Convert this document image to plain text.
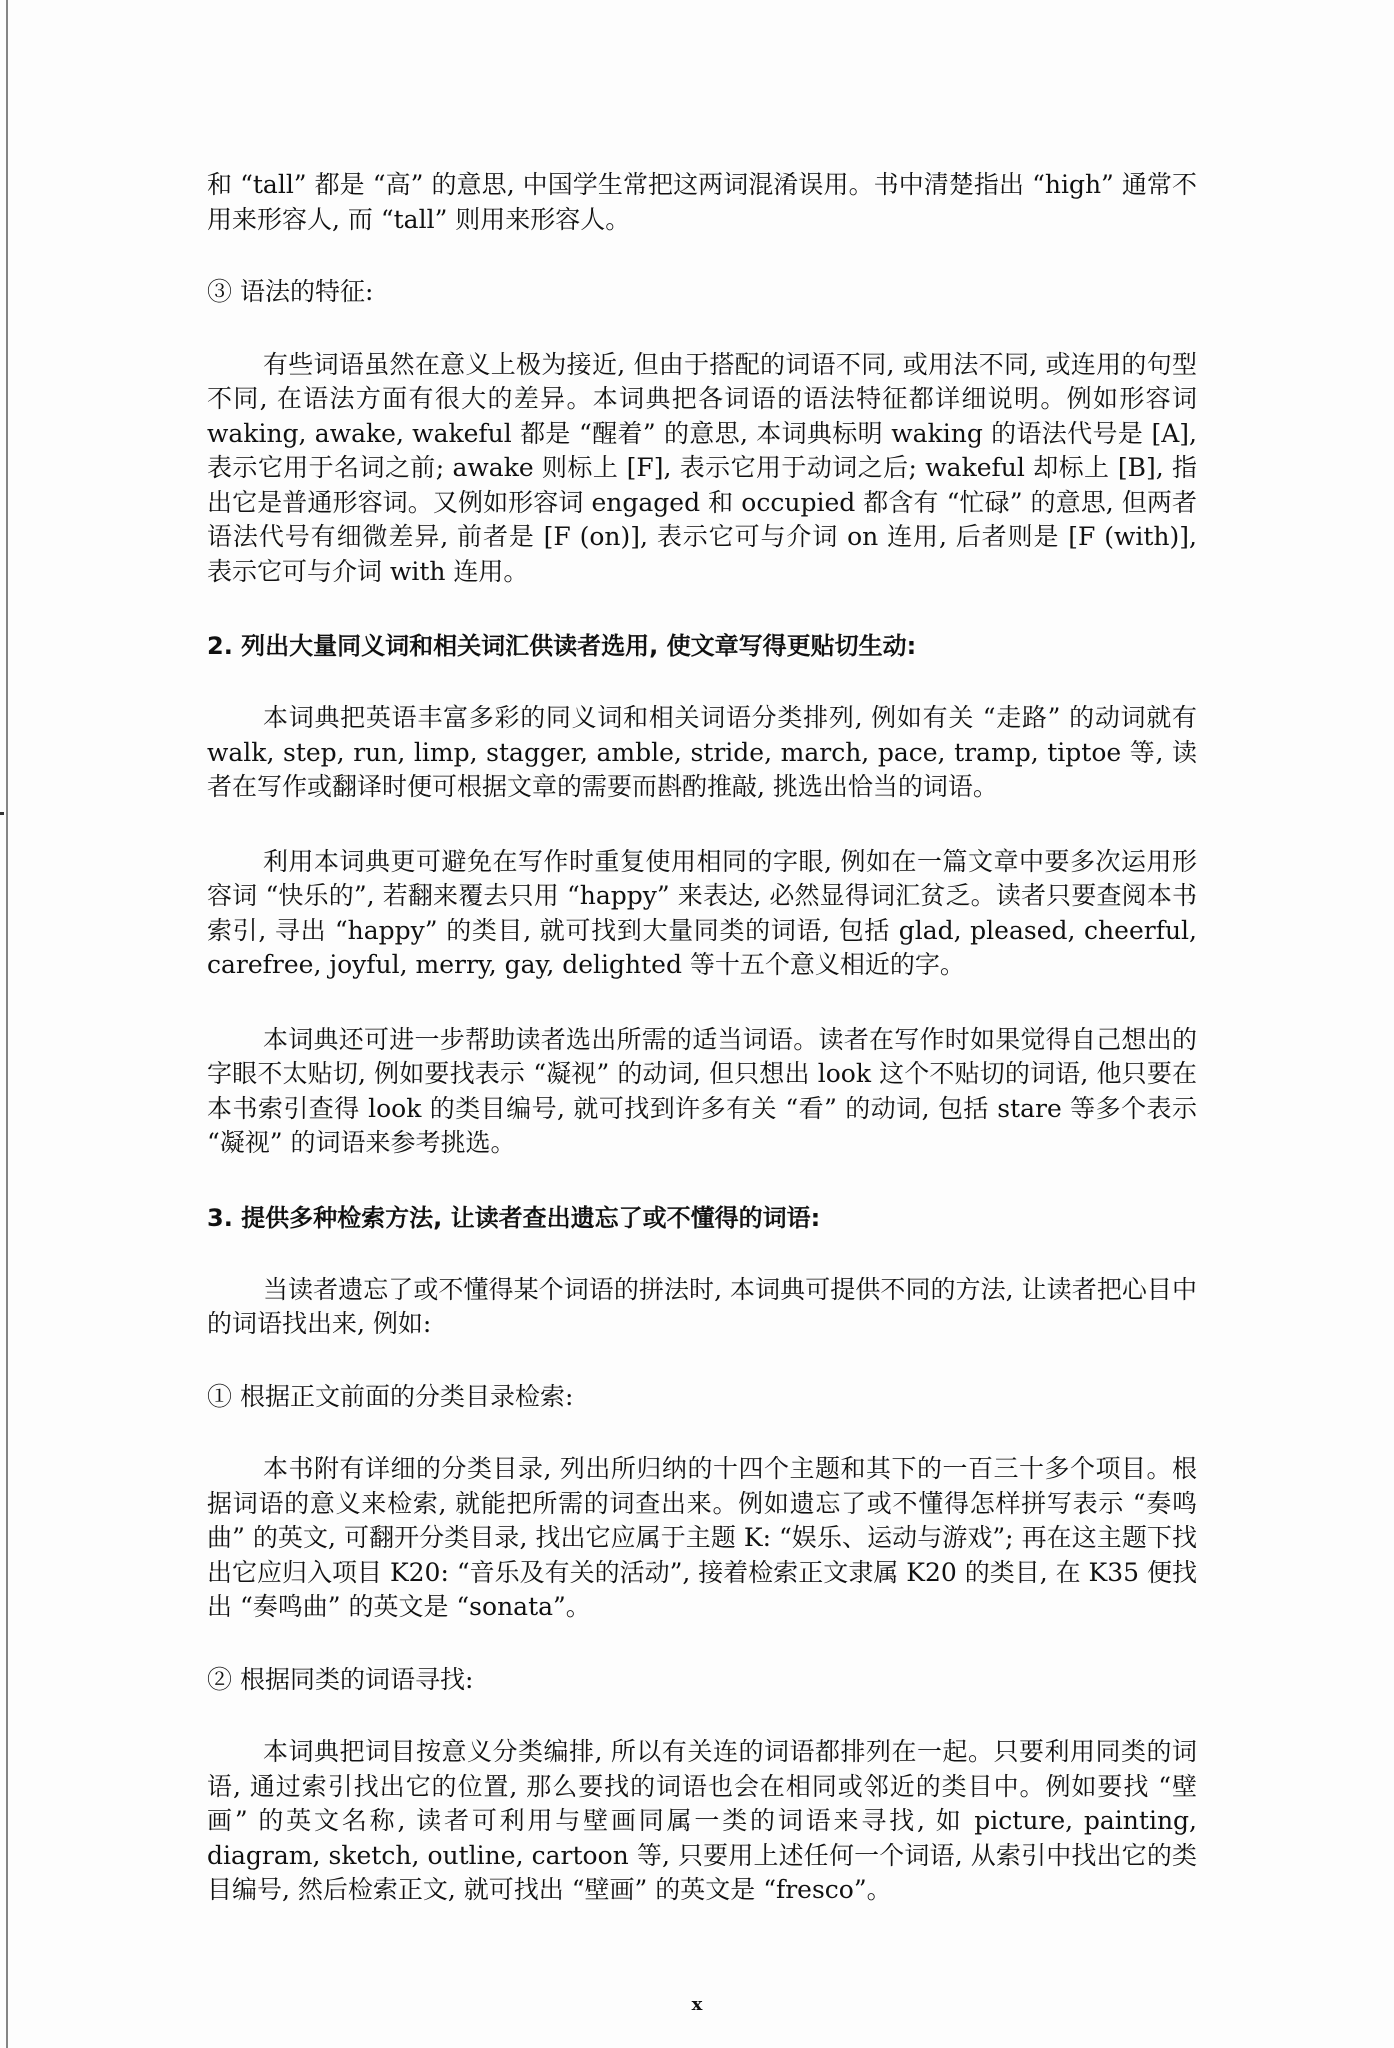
和 “tall” 都是 “高” 的意思, 中国学生常把这两词混淆误用。书中清楚指出 “high” 通常不用来形容人, 而 “tall” 则用来形容人。

③ 语法的特征:

有些词语虽然在意义上极为接近, 但由于搭配的词语不同, 或用法不同, 或连用的句型不同, 在语法方面有很大的差异。本词典把各词语的语法特征都详细说明。例如形容词 waking, awake, wakeful 都是 “醒着” 的意思, 本词典标明 waking 的语法代号是 [A], 表示它用于名词之前; awake 则标上 [F], 表示它用于动词之后; wakeful 却标上 [B], 指出它是普通形容词。又例如形容词 engaged 和 occupied 都含有 “忙碌” 的意思, 但两者语法代号有细微差异, 前者是 [F (on)], 表示它可与介词 on 连用, 后者则是 [F (with)], 表示它可与介词 with 连用。

2. 列出大量同义词和相关词汇供读者选用, 使文章写得更贴切生动:

本词典把英语丰富多彩的同义词和相关词语分类排列, 例如有关 “走路” 的动词就有 walk, step, run, limp, stagger, amble, stride, march, pace, tramp, tiptoe 等, 读者在写作或翻译时便可根据文章的需要而斟酌推敲, 挑选出恰当的词语。

利用本词典更可避免在写作时重复使用相同的字眼, 例如在一篇文章中要多次运用形容词 “快乐的”, 若翻来覆去只用 “happy” 来表达, 必然显得词汇贫乏。读者只要查阅本书索引, 寻出 “happy” 的类目, 就可找到大量同类的词语, 包括 glad, pleased, cheerful, carefree, joyful, merry, gay, delighted 等十五个意义相近的字。

本词典还可进一步帮助读者选出所需的适当词语。读者在写作时如果觉得自己想出的字眼不太贴切, 例如要找表示 “凝视” 的动词, 但只想出 look 这个不贴切的词语, 他只要在本书索引查得 look 的类目编号, 就可找到许多有关 “看” 的动词, 包括 stare 等多个表示 “凝视” 的词语来参考挑选。

3. 提供多种检索方法, 让读者查出遗忘了或不懂得的词语:

当读者遗忘了或不懂得某个词语的拼法时, 本词典可提供不同的方法, 让读者把心目中的词语找出来, 例如:

① 根据正文前面的分类目录检索:

本书附有详细的分类目录, 列出所归纳的十四个主题和其下的一百三十多个项目。根据词语的意义来检索, 就能把所需的词查出来。例如遗忘了或不懂得怎样拼写表示 “奏鸣曲” 的英文, 可翻开分类目录, 找出它应属于主题 K: “娱乐、运动与游戏”; 再在这主题下找出它应归入项目 K20: “音乐及有关的活动”, 接着检索正文隶属 K20 的类目, 在 K35 便找出 “奏鸣曲” 的英文是 “sonata”。

② 根据同类的词语寻找:

本词典把词目按意义分类编排, 所以有关连的词语都排列在一起。只要利用同类的词语, 通过索引找出它的位置, 那么要找的词语也会在相同或邻近的类目中。例如要找 “壁画” 的英文名称, 读者可利用与壁画同属一类的词语来寻找, 如 picture, painting, diagram, sketch, outline, cartoon 等, 只要用上述任何一个词语, 从索引中找出它的类目编号, 然后检索正文, 就可找出 “壁画” 的英文是 “fresco”。

x
